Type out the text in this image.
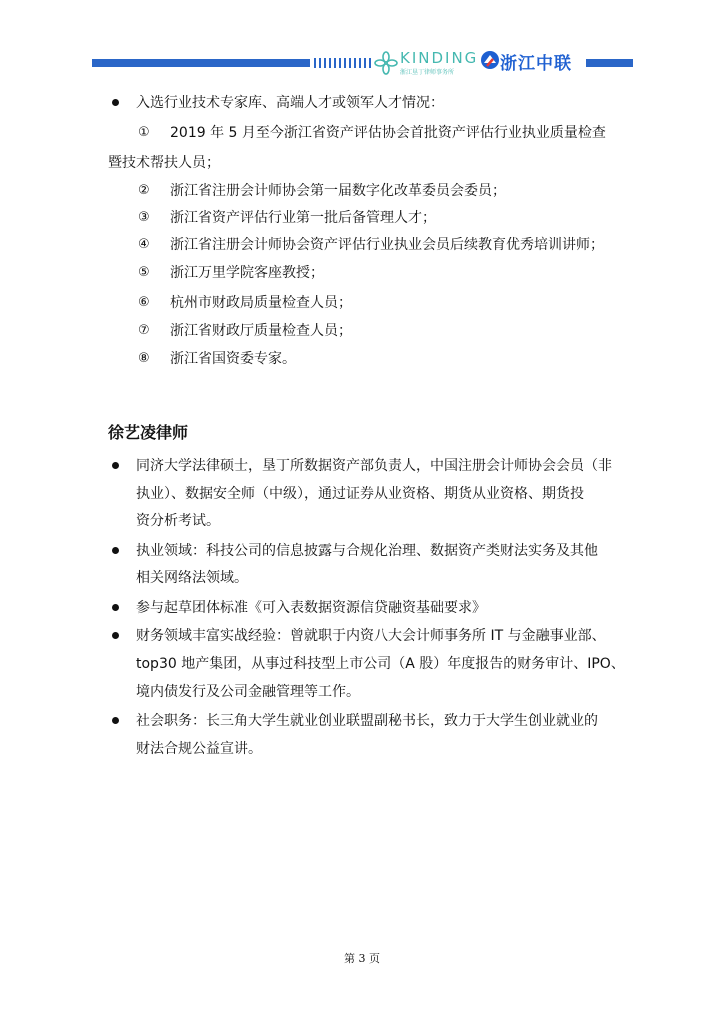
KINDING
浙江垦丁律师事务所	浙江中联
入选行业技术专家库、高端人才或领军人才情况：
① 2019 年 5 月至今浙江省资产评估协会首批资产评估行业执业质量检查
暨技术帮扶人员；
② 浙江省注册会计师协会第一届数字化改革委员会委员；
③ 浙江省资产评估行业第一批后备管理人才；
④ 浙江省注册会计师协会资产评估行业执业会员后续教育优秀培训讲师；
⑤ 浙江万里学院客座教授；
⑥ 杭州市财政局质量检查人员；
⑦ 浙江省财政厅质量检查人员；
⑧ 浙江省国资委专家。
徐艺凌律师
同济大学法律硕士，垦丁所数据资产部负责人，中国注册会计师协会会员（非
执业）、数据安全师（中级），通过证券从业资格、期货从业资格、期货投
资分析考试。
执业领域：科技公司的信息披露与合规化治理、数据资产类财法实务及其他
相关网络法领域。
参与起草团体标准《可入表数据资源信贷融资基础要求》
财务领域丰富实战经验：曾就职于内资八大会计师事务所 IT 与金融事业部、
top30 地产集团，从事过科技型上市公司（A 股）年度报告的财务审计、IPO、
境内债发行及公司金融管理等工作。
社会职务：长三角大学生就业创业联盟副秘书长，致力于大学生创业就业的
财法合规公益宣讲。
第 3 页
